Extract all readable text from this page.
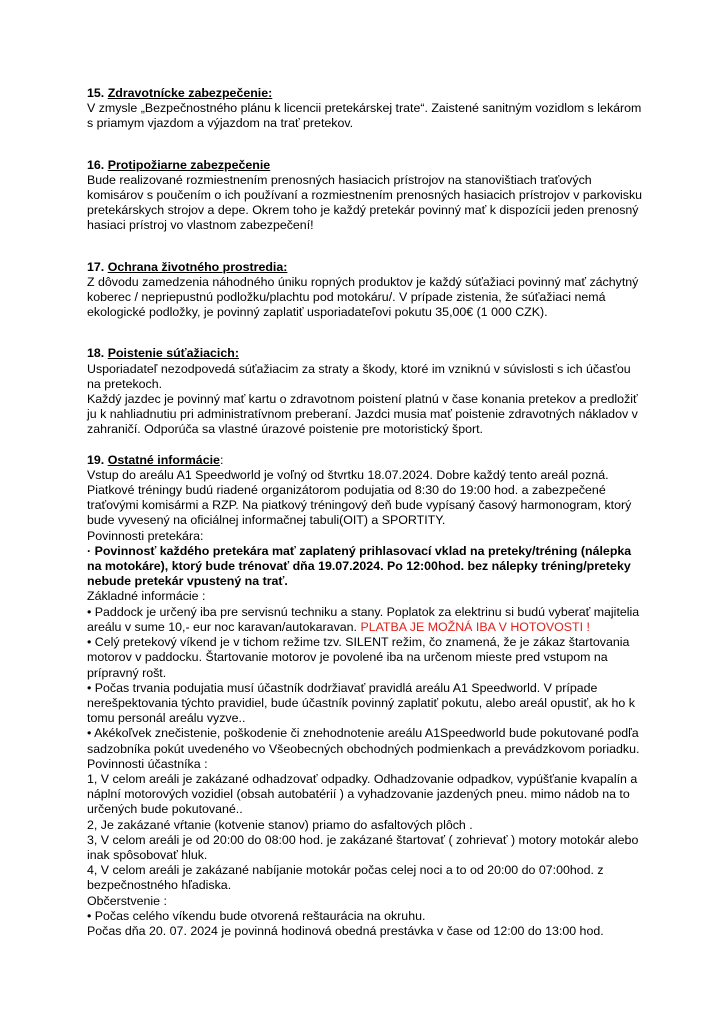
15. Zdravotnícke zabezpečenie:

V zmysle „Bezpečnostného plánu k licencii pretekárskej trate“. Zaistené sanitným vozidlom s lekárom s priamym vjazdom a výjazdom na trať pretekov.

16. Protipožiarne zabezpečenie

Bude realizované rozmiestnením prenosných hasiacich prístrojov na stanovištiach traťových komisárov s poučením o ich používaní a rozmiestnením prenosných hasiacich prístrojov v parkovisku pretekárskych strojov a depe. Okrem toho je každý pretekár povinný mať k dispozícii jeden prenosný hasiaci prístroj vo vlastnom zabezpečení!

17. Ochrana životného prostredia:

Z dôvodu zamedzenia náhodného úniku ropných produktov je každý súťažiaci povinný mať záchytný koberec / nepriepustnú podložku/plachtu pod motokáru/. V prípade zistenia, že súťažiaci nemá ekologické podložky, je povinný zaplatiť usporiadateľovi pokutu 35,00€ (1 000 CZK).

18. Poistenie súťažiacich:

Usporiadateľ nezodpovedá súťažiacim za straty a škody, ktoré im vzniknú v súvislosti s ich účasťou na pretekoch.

Každý jazdec je povinný mať kartu o zdravotnom poistení platnú v čase konania pretekov a predložiť ju k nahliadnutiu pri administratívnom preberaní. Jazdci musia mať poistenie zdravotných nákladov v zahraničí. Odporúča sa vlastné úrazové poistenie pre motoristický šport.

19. Ostatné informácie:

Vstup do areálu A1 Speedworld je voľný od štvrtku 18.07.2024. Dobre každý tento areál pozná. Piatkové tréningy budú riadené organizátorom podujatia od 8:30 do 19:00 hod. a zabezpečené traťovými komisármi a RZP. Na piatkový tréningový deň bude vypísaný časový harmonogram, ktorý bude vyvesený na oficiálnej informačnej tabuli(OIT) a SPORTITY.

Povinnosti pretekára:

· Povinnosť každého pretekára mať zaplatený prihlasovací vklad na preteky/tréning (nálepka na motokáre), ktorý bude trénovať dňa 19.07.2024. Po 12:00hod. bez nálepky tréning/preteky nebude pretekár vpustený na trať.

Základné informácie :

• Paddock je určený iba pre servisnú techniku a stany. Poplatok za elektrinu si budú vyberať majitelia areálu v sume 10,- eur noc karavan/autokaravan. PLATBA JE MOŽNÁ IBA V HOTOVOSTI !

• Celý pretekový víkend je v tichom režime tzv. SILENT režim, čo znamená, že je zákaz štartovania motorov v paddocku. Štartovanie motorov je povolené iba na určenom mieste pred vstupom na prípravný rošt.

• Počas trvania podujatia musí účastník dodržiavať pravidlá areálu A1 Speedworld. V prípade nerešpektovania týchto pravidiel, bude účastník povinný zaplatiť pokutu, alebo areál opustiť, ak ho k tomu personál areálu vyzve..

• Akékoľvek znečistenie, poškodenie či znehodnotenie areálu A1Speedworld bude pokutované podľa sadzobníka pokút uvedeného vo Všeobecných obchodných podmienkach a prevádzkovom poriadku.

Povinnosti účastníka :

1, V celom areáli je zakázané odhadzovať odpadky. Odhadzovanie odpadkov, vypúšťanie kvapalín a náplní motorových vozidiel (obsah autobatérií ) a vyhadzovanie jazdených pneu. mimo nádob na to určených bude pokutované..

2, Je zakázané vŕtanie (kotvenie stanov) priamo do asfaltových plôch .

3, V celom areáli je od 20:00 do 08:00 hod. je zakázané štartovať ( zohrievať ) motory motokár alebo inak spôsobovať hluk.

4, V celom areáli je zakázané nabíjanie motokár počas celej noci a to od 20:00 do 07:00hod. z bezpečnostného hľadiska.

Občerstvenie :

• Počas celého víkendu bude otvorená reštaurácia na okruhu.

Počas dňa 20. 07. 2024 je povinná hodinová obedná prestávka v čase od 12:00 do 13:00 hod.
